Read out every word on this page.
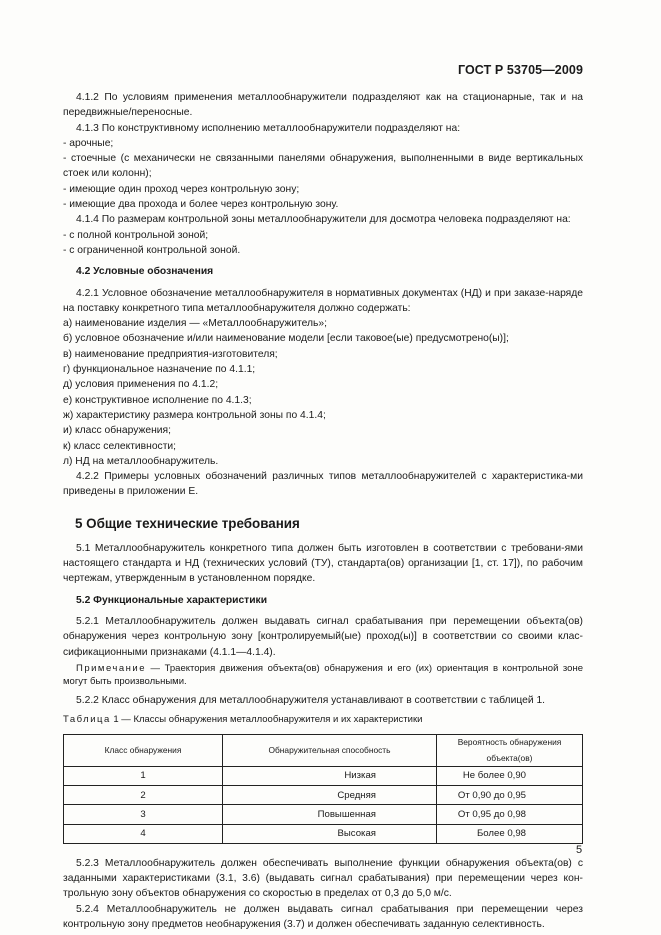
ГОСТ Р 53705—2009

4.1.2 По условиям применения металлообнаружители подразделяют как на стационарные, так и на передвижные/переносные.

4.1.3 По конструктивному исполнению металлообнаружители подразделяют на:

- арочные;

- стоечные (с механически не связанными панелями обнаружения, выполненными в виде вертикальных стоек или колонн);

- имеющие один проход через контрольную зону;

- имеющие два прохода и более через контрольную зону.

4.1.4 По размерам контрольной зоны металлообнаружители для досмотра человека подразделяют на:

- с полной контрольной зоной;

- с ограниченной контрольной зоной.

4.2 Условные обозначения

4.2.1 Условное обозначение металлообнаружителя в нормативных документах (НД) и при заказе-наряде на поставку конкретного типа металлообнаружителя должно содержать:

а) наименование изделия — «Металлообнаружитель»;

б) условное обозначение и/или наименование модели [если таковое(ые) предусмотрено(ы)];

в) наименование предприятия-изготовителя;

г) функциональное назначение по 4.1.1;

д) условия применения по 4.1.2;

е) конструктивное исполнение по 4.1.3;

ж) характеристику размера контрольной зоны по 4.1.4;

и) класс обнаружения;

к) класс селективности;

л) НД на металлообнаружитель.

4.2.2 Примеры условных обозначений различных типов металлообнаружителей с характеристика-ми приведены в приложении Е.

5 Общие технические требования

5.1 Металлообнаружитель конкретного типа должен быть изготовлен в соответствии с требовани-ями настоящего стандарта и НД (технических условий (ТУ), стандарта(ов) организации [1, ст. 17]), по рабочим чертежам, утвержденным в установленном порядке.

5.2 Функциональные характеристики

5.2.1 Металлообнаружитель должен выдавать сигнал срабатывания при перемещении объекта(ов) обнаружения через контрольную зону [контролируемый(ые) проход(ы)] в соответствии со своими клас-сификационными признаками (4.1.1—4.1.4).

Примечание — Траектория движения объекта(ов) обнаружения и его (их) ориентация в контрольной зоне могут быть произвольными.

5.2.2 Класс обнаружения для металлообнаружителя устанавливают в соответствии с таблицей 1.

Таблица 1 — Классы обнаружения металлообнаружителя и их характеристики

Класс обнаружения	Обнаружительная способность	Вероятность обнаружения объекта(ов)
1	Низкая	Не более 0,90
2	Средняя	От 0,90 до 0,95
3	Повышенная	От 0,95 до 0,98
4	Высокая	Более 0,98

5.2.3 Металлообнаружитель должен обеспечивать выполнение функции обнаружения объекта(ов) с заданными характеристиками (3.1, 3.6) (выдавать сигнал срабатывания) при перемещении через кон-трольную зону объектов обнаружения со скоростью в пределах от 0,3 до 5,0 м/с.

5.2.4 Металлообнаружитель не должен выдавать сигнал срабатывания при перемещении через контрольную зону предметов необнаружения (3.7) и должен обеспечивать заданную селективность.

5
